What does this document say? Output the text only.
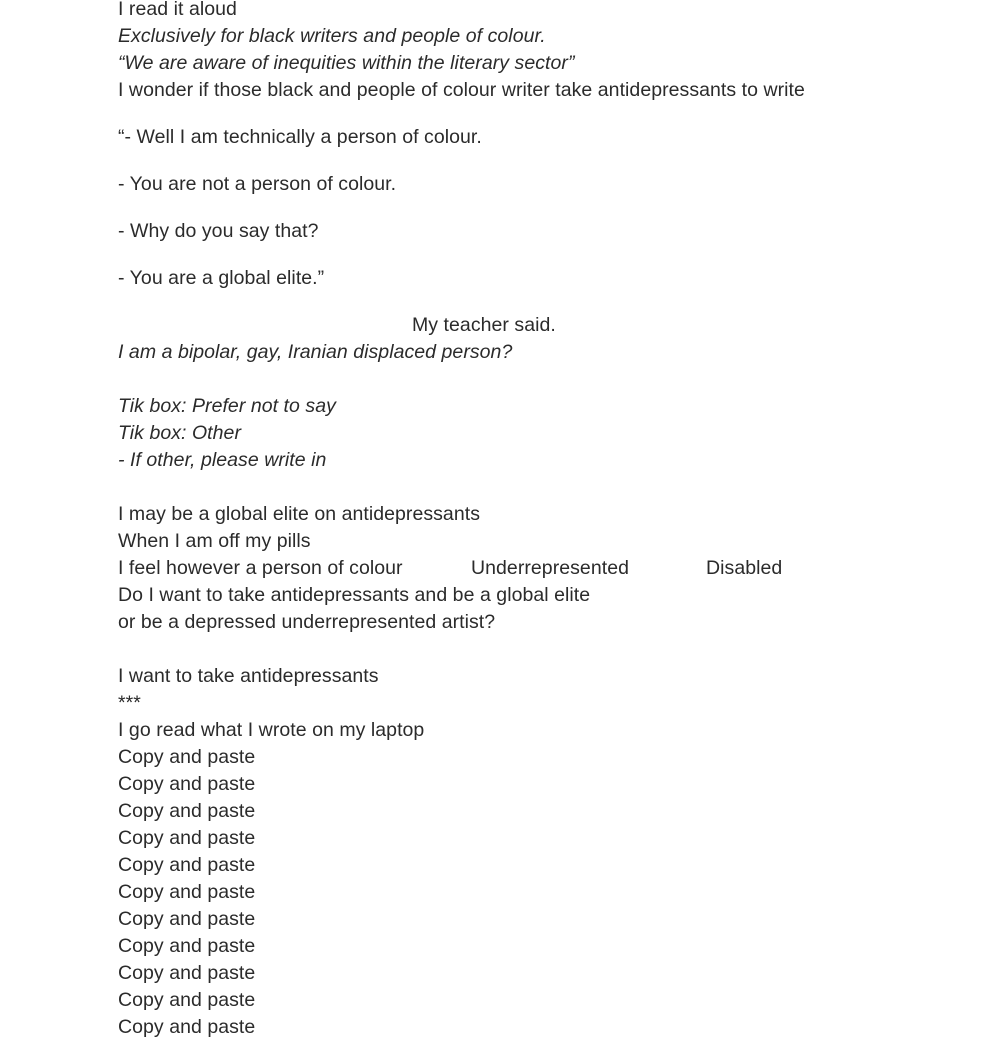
I read it aloud
Exclusively for black writers and people of colour.
“We are aware of inequities within the literary sector”
I wonder if those black and people of colour writer take antidepressants to write
“- Well I am technically a person of colour.
- You are not a person of colour.
- Why do you say that?
- You are a global elite.”
My teacher said.
I am a bipolar, gay, Iranian displaced person?
Tik box: Prefer not to say
Tik box: Other
- If other, please write in
I may be a global elite on antidepressants
When I am off my pills
I feel however a person of colour	Underrepresented	Disabled
Do I want to take antidepressants and be a global elite
or be a depressed underrepresented artist?
I want to take antidepressants
***
I go read what I wrote on my laptop
Copy and paste
Copy and paste
Copy and paste
Copy and paste
Copy and paste
Copy and paste
Copy and paste
Copy and paste
Copy and paste
Copy and paste
Copy and paste
